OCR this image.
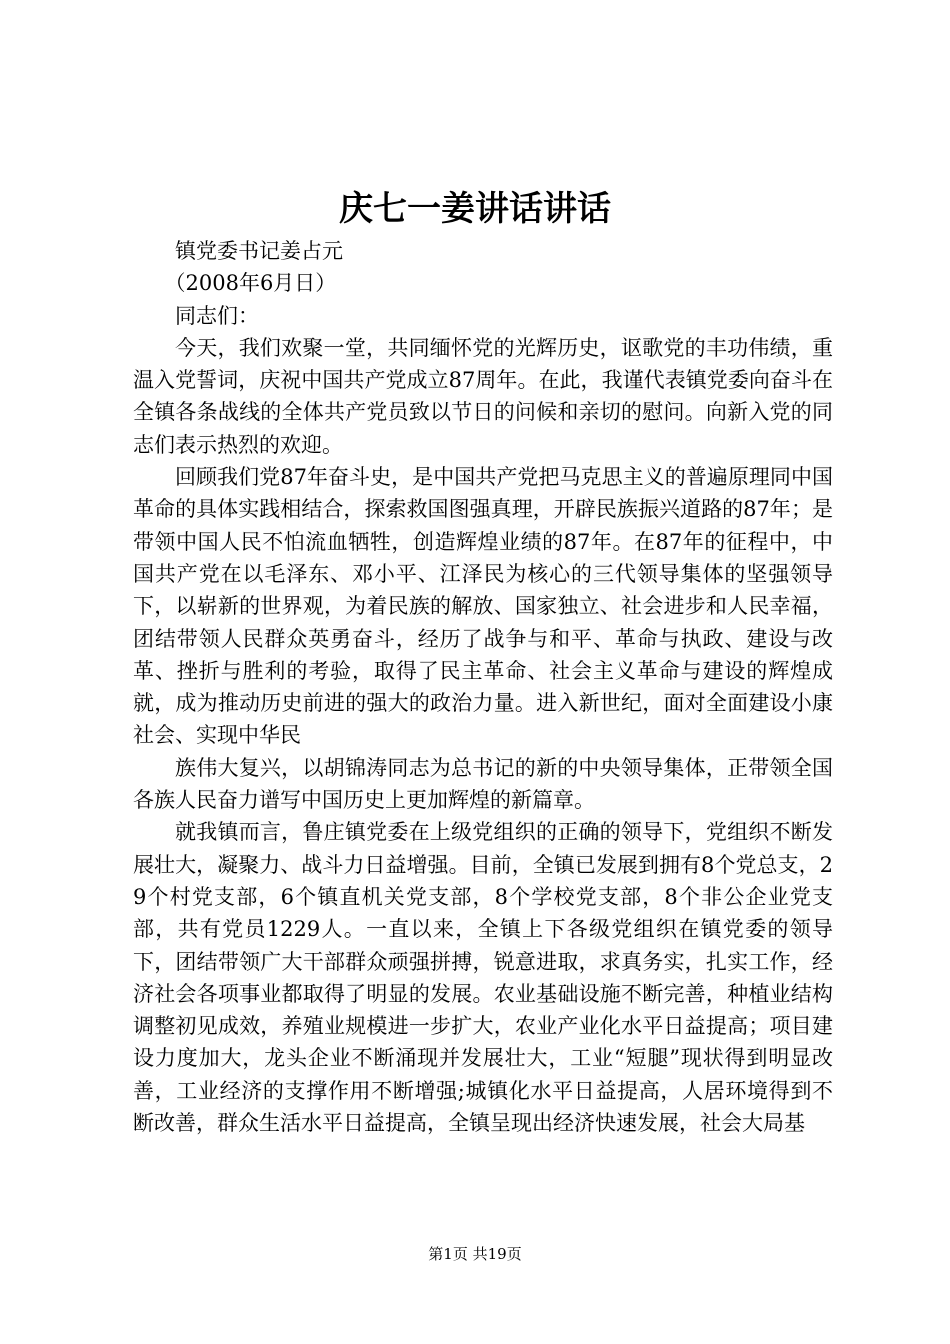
庆七一姜讲话讲话

镇党委书记姜占元

（2008年6月日）

同志们：

今天，我们欢聚一堂，共同缅怀党的光辉历史，讴歌党的丰功伟绩，重温入党誓词，庆祝中国共产党成立87周年。在此，我谨代表镇党委向奋斗在全镇各条战线的全体共产党员致以节日的问候和亲切的慰问。向新入党的同志们表示热烈的欢迎。

回顾我们党87年奋斗史，是中国共产党把马克思主义的普遍原理同中国革命的具体实践相结合，探索救国图强真理，开辟民族振兴道路的87年；是带领中国人民不怕流血牺牲，创造辉煌业绩的87年。在87年的征程中，中国共产党在以毛泽东、邓小平、江泽民为核心的三代领导集体的坚强领导下，以崭新的世界观，为着民族的解放、国家独立、社会进步和人民幸福，团结带领人民群众英勇奋斗，经历了战争与和平、革命与执政、建设与改革、挫折与胜利的考验，取得了民主革命、社会主义革命与建设的辉煌成就，成为推动历史前进的强大的政治力量。进入新世纪，面对全面建设小康社会、实现中华民

族伟大复兴，以胡锦涛同志为总书记的新的中央领导集体，正带领全国各族人民奋力谱写中国历史上更加辉煌的新篇章。

就我镇而言，鲁庄镇党委在上级党组织的正确的领导下，党组织不断发展壮大，凝聚力、战斗力日益增强。目前，全镇已发展到拥有8个党总支，29个村党支部，6个镇直机关党支部，8个学校党支部，8个非公企业党支部，共有党员1229人。一直以来，全镇上下各级党组织在镇党委的领导下，团结带领广大干部群众顽强拼搏，锐意进取，求真务实，扎实工作，经济社会各项事业都取得了明显的发展。农业基础设施不断完善，种植业结构调整初见成效，养殖业规模进一步扩大，农业产业化水平日益提高；项目建设力度加大，龙头企业不断涌现并发展壮大，工业“短腿”现状得到明显改善，工业经济的支撑作用不断增强;城镇化水平日益提高，人居环境得到不断改善，群众生活水平日益提高，全镇呈现出经济快速发展，社会大局基

第1页 共19页
